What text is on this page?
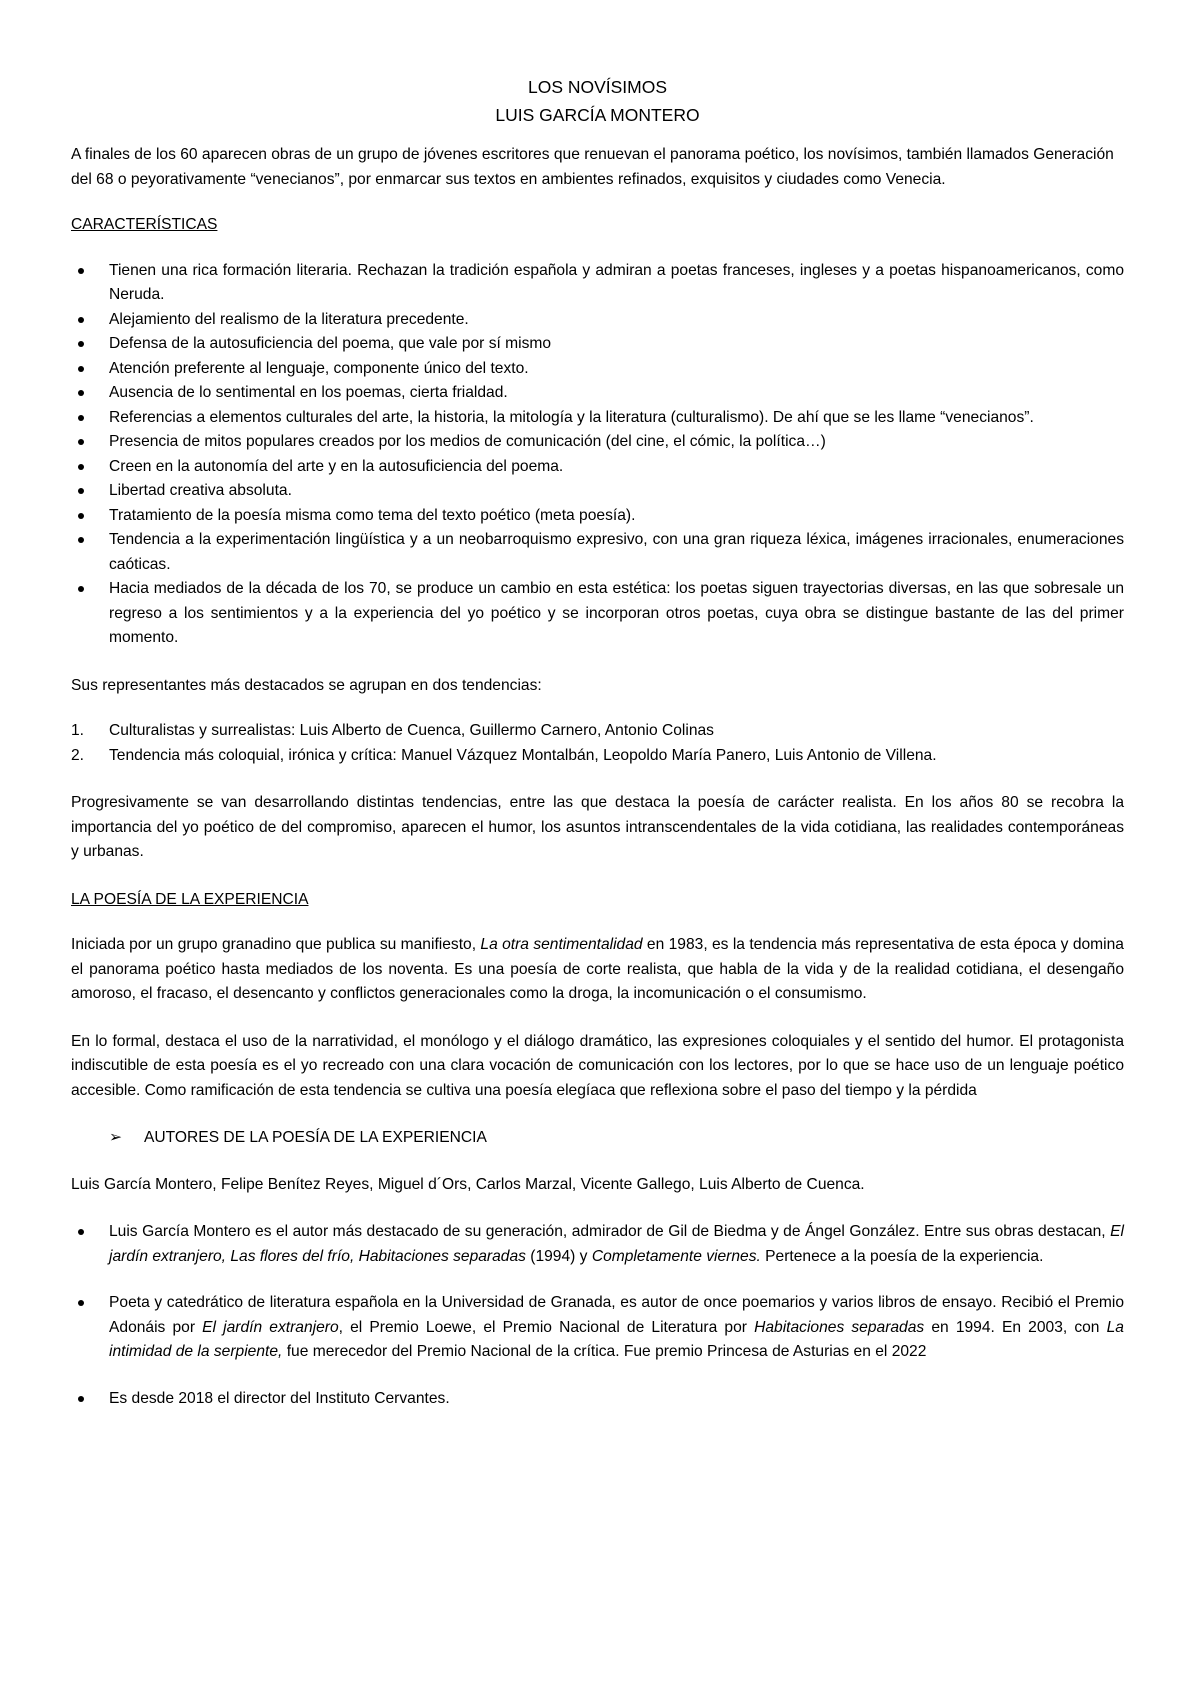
LOS NOVÍSIMOS
LUIS GARCÍA MONTERO

A finales de los 60 aparecen obras de un grupo de jóvenes escritores que renuevan el panorama poético, los novísimos, también llamados Generación del 68 o peyorativamente “venecianos”, por enmarcar sus textos en ambientes refinados, exquisitos y ciudades como Venecia.

CARACTERÍSTICAS

Tienen una rica formación literaria. Rechazan la tradición española y admiran a poetas franceses, ingleses y a poetas hispanoamericanos, como Neruda.
Alejamiento del realismo de la literatura precedente.
Defensa de la autosuficiencia del poema, que vale por sí mismo
Atención preferente al lenguaje, componente único del texto.
Ausencia de lo sentimental en los poemas, cierta frialdad.
Referencias a elementos culturales del arte, la historia, la mitología y la literatura (culturalismo). De ahí que se les llame “venecianos”.
Presencia de mitos populares creados por los medios de comunicación (del cine, el cómic, la política…)
Creen en la autonomía del arte y en la autosuficiencia del poema.
Libertad creativa absoluta.
Tratamiento de la poesía misma como tema del texto poético (meta poesía).
Tendencia a la experimentación lingüística y a un neobarroquismo expresivo, con una gran riqueza léxica, imágenes irracionales, enumeraciones caóticas.
Hacia mediados de la década de los 70, se produce un cambio en esta estética: los poetas siguen trayectorias diversas, en las que sobresale un regreso a los sentimientos y a la experiencia del yo poético y se incorporan otros poetas, cuya obra se distingue bastante de las del primer momento.

Sus representantes más destacados se agrupan en dos tendencias:

1. Culturalistas y surrealistas: Luis Alberto de Cuenca, Guillermo Carnero, Antonio Colinas
2. Tendencia más coloquial, irónica y crítica: Manuel Vázquez Montalbán, Leopoldo María Panero, Luis Antonio de Villena.

Progresivamente se van desarrollando distintas tendencias, entre las que destaca la poesía de carácter realista. En los años 80 se recobra la importancia del yo poético de del compromiso, aparecen el humor, los asuntos intranscendentales de la vida cotidiana, las realidades contemporáneas y urbanas.

LA POESÍA DE LA EXPERIENCIA

Iniciada por un grupo granadino que publica su manifiesto, La otra sentimentalidad en 1983, es la tendencia más representativa de esta época y domina el panorama poético hasta mediados de los noventa. Es una poesía de corte realista, que habla de la vida y de la realidad cotidiana, el desengaño amoroso, el fracaso, el desencanto y conflictos generacionales como la droga, la incomunicación o el consumismo.

En lo formal, destaca el uso de la narratividad, el monólogo y el diálogo dramático, las expresiones coloquiales y el sentido del humor. El protagonista indiscutible de esta poesía es el yo recreado con una clara vocación de comunicación con los lectores, por lo que se hace uso de un lenguaje poético accesible. Como ramificación de esta tendencia se cultiva una poesía elegíaca que reflexiona sobre el paso del tiempo y la pérdida

➢ AUTORES DE LA POESÍA DE LA EXPERIENCIA

Luis García Montero, Felipe Benítez Reyes, Miguel d´Ors, Carlos Marzal, Vicente Gallego, Luis Alberto de Cuenca.

Luis García Montero es el autor más destacado de su generación, admirador de Gil de Biedma y de Ángel González. Entre sus obras destacan, El jardín extranjero, Las flores del frío, Habitaciones separadas (1994) y Completamente viernes. Pertenece a la poesía de la experiencia.
Poeta y catedrático de literatura española en la Universidad de Granada, es autor de once poemarios y varios libros de ensayo. Recibió el Premio Adonáis por El jardín extranjero, el Premio Loewe, el Premio Nacional de Literatura por Habitaciones separadas en 1994. En 2003, con La intimidad de la serpiente, fue merecedor del Premio Nacional de la crítica. Fue premio Princesa de Asturias en el 2022
Es desde 2018 el director del Instituto Cervantes.
